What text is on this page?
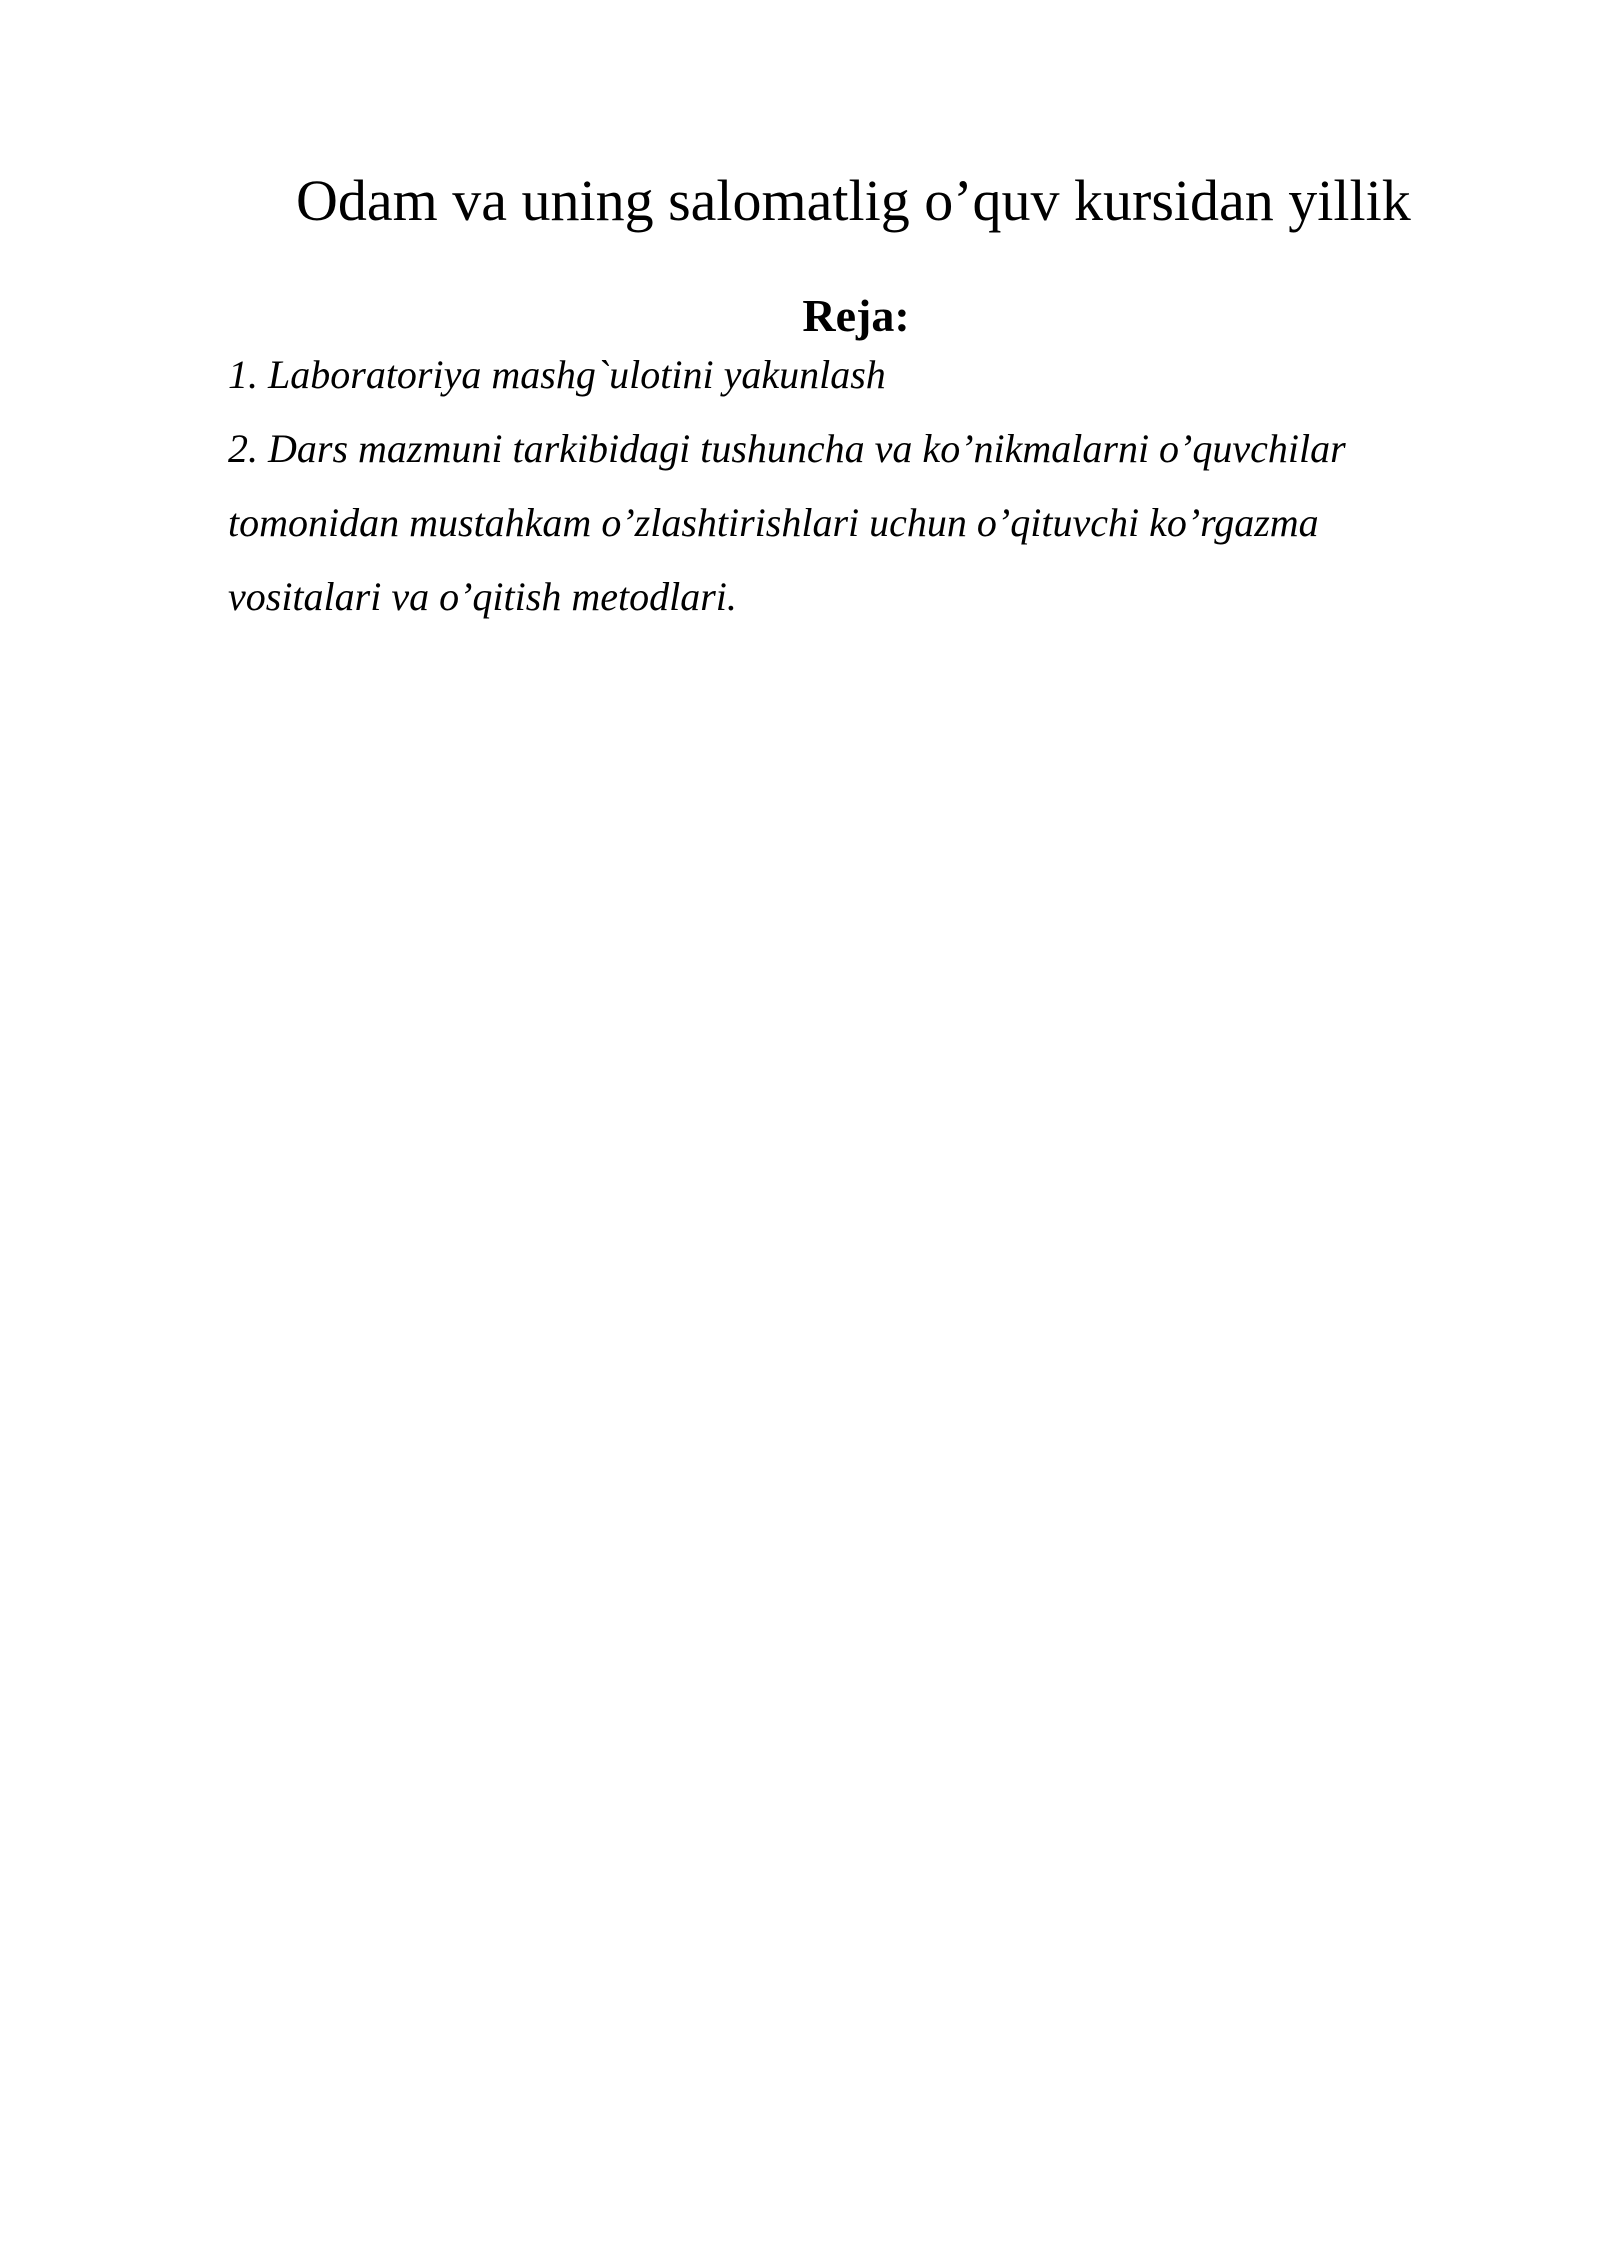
Odam va uning salomatlig o’quv kursidan yillik
Reja:
1. Laboratoriya mashg`ulotini yakunlash
2. Dars mazmuni tarkibidagi tushuncha va ko’nikmalarni o’quvchilar
tomonidan mustahkam o’zlashtirishlari uchun o’qituvchi ko’rgazma
vositalari va o’qitish metodlari.
